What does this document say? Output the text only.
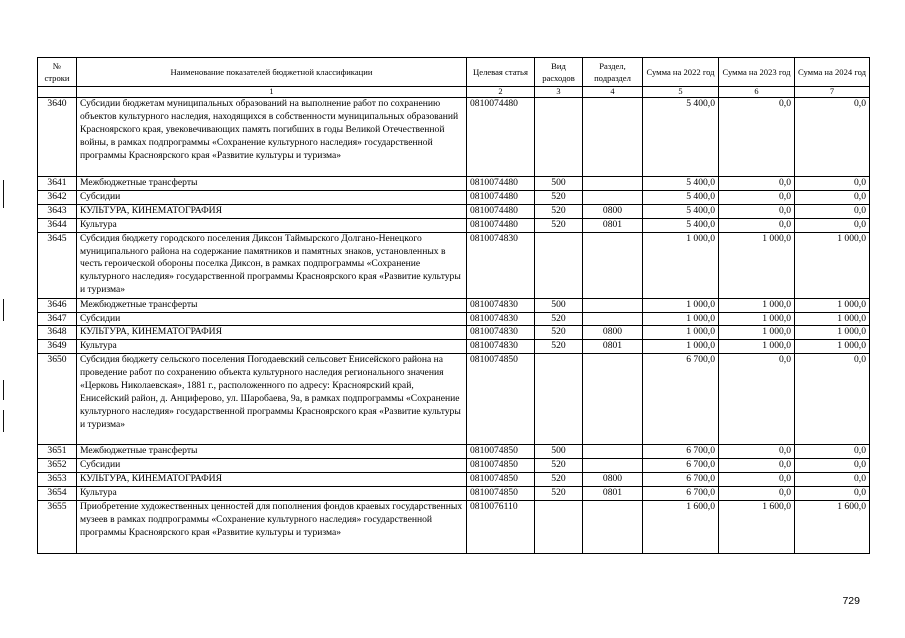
№ строки	Наименование показателей бюджетной классификации	Целевая статья	Вид расходов	Раздел, подраздел	Сумма на 2022 год	Сумма на 2023 год	Сумма на 2024 год
	1	2	3	4	5	6	7
3640	Субсидии бюджетам муниципальных образований на выполнение работ по сохранению объектов культурного наследия, находящихся в собственности муниципальных образований Красноярского края, увековечивающих память погибших в годы Великой Отечественной войны, в рамках подпрограммы «Сохранение культурного наследия» государственной программы Красноярского края «Развитие культуры и туризма»	0810074480			5 400,0	0,0	0,0
3641	Межбюджетные трансферты	0810074480	500		5 400,0	0,0	0,0
3642	Субсидии	0810074480	520		5 400,0	0,0	0,0
3643	КУЛЬТУРА, КИНЕМАТОГРАФИЯ	0810074480	520	0800	5 400,0	0,0	0,0
3644	Культура	0810074480	520	0801	5 400,0	0,0	0,0
3645	Субсидия бюджету городского поселения Диксон Таймырского Долгано-Ненецкого муниципального района на содержание памятников и памятных знаков, установленных в честь героической обороны поселка Диксон, в рамках подпрограммы «Сохранение культурного наследия» государственной программы Красноярского края «Развитие культуры и туризма»	0810074830			1 000,0	1 000,0	1 000,0
3646	Межбюджетные трансферты	0810074830	500		1 000,0	1 000,0	1 000,0
3647	Субсидии	0810074830	520		1 000,0	1 000,0	1 000,0
3648	КУЛЬТУРА, КИНЕМАТОГРАФИЯ	0810074830	520	0800	1 000,0	1 000,0	1 000,0
3649	Культура	0810074830	520	0801	1 000,0	1 000,0	1 000,0
3650	Субсидия бюджету сельского поселения Погодаевский сельсовет Енисейского района на проведение работ по сохранению объекта культурного наследия регионального значения «Церковь Николаевская», 1881 г., расположенного по адресу: Красноярский край, Енисейский район, д. Анциферово, ул. Шаробаева, 9а, в рамках подпрограммы «Сохранение культурного наследия» государственной программы Красноярского края «Развитие культуры и туризма»	0810074850			6 700,0	0,0	0,0
3651	Межбюджетные трансферты	0810074850	500		6 700,0	0,0	0,0
3652	Субсидии	0810074850	520		6 700,0	0,0	0,0
3653	КУЛЬТУРА, КИНЕМАТОГРАФИЯ	0810074850	520	0800	6 700,0	0,0	0,0
3654	Культура	0810074850	520	0801	6 700,0	0,0	0,0
3655	Приобретение художественных ценностей для пополнения фондов краевых государственных музеев в рамках подпрограммы «Сохранение культурного наследия» государственной программы Красноярского края «Развитие культуры и туризма»	0810076110			1 600,0	1 600,0	1 600,0
729
